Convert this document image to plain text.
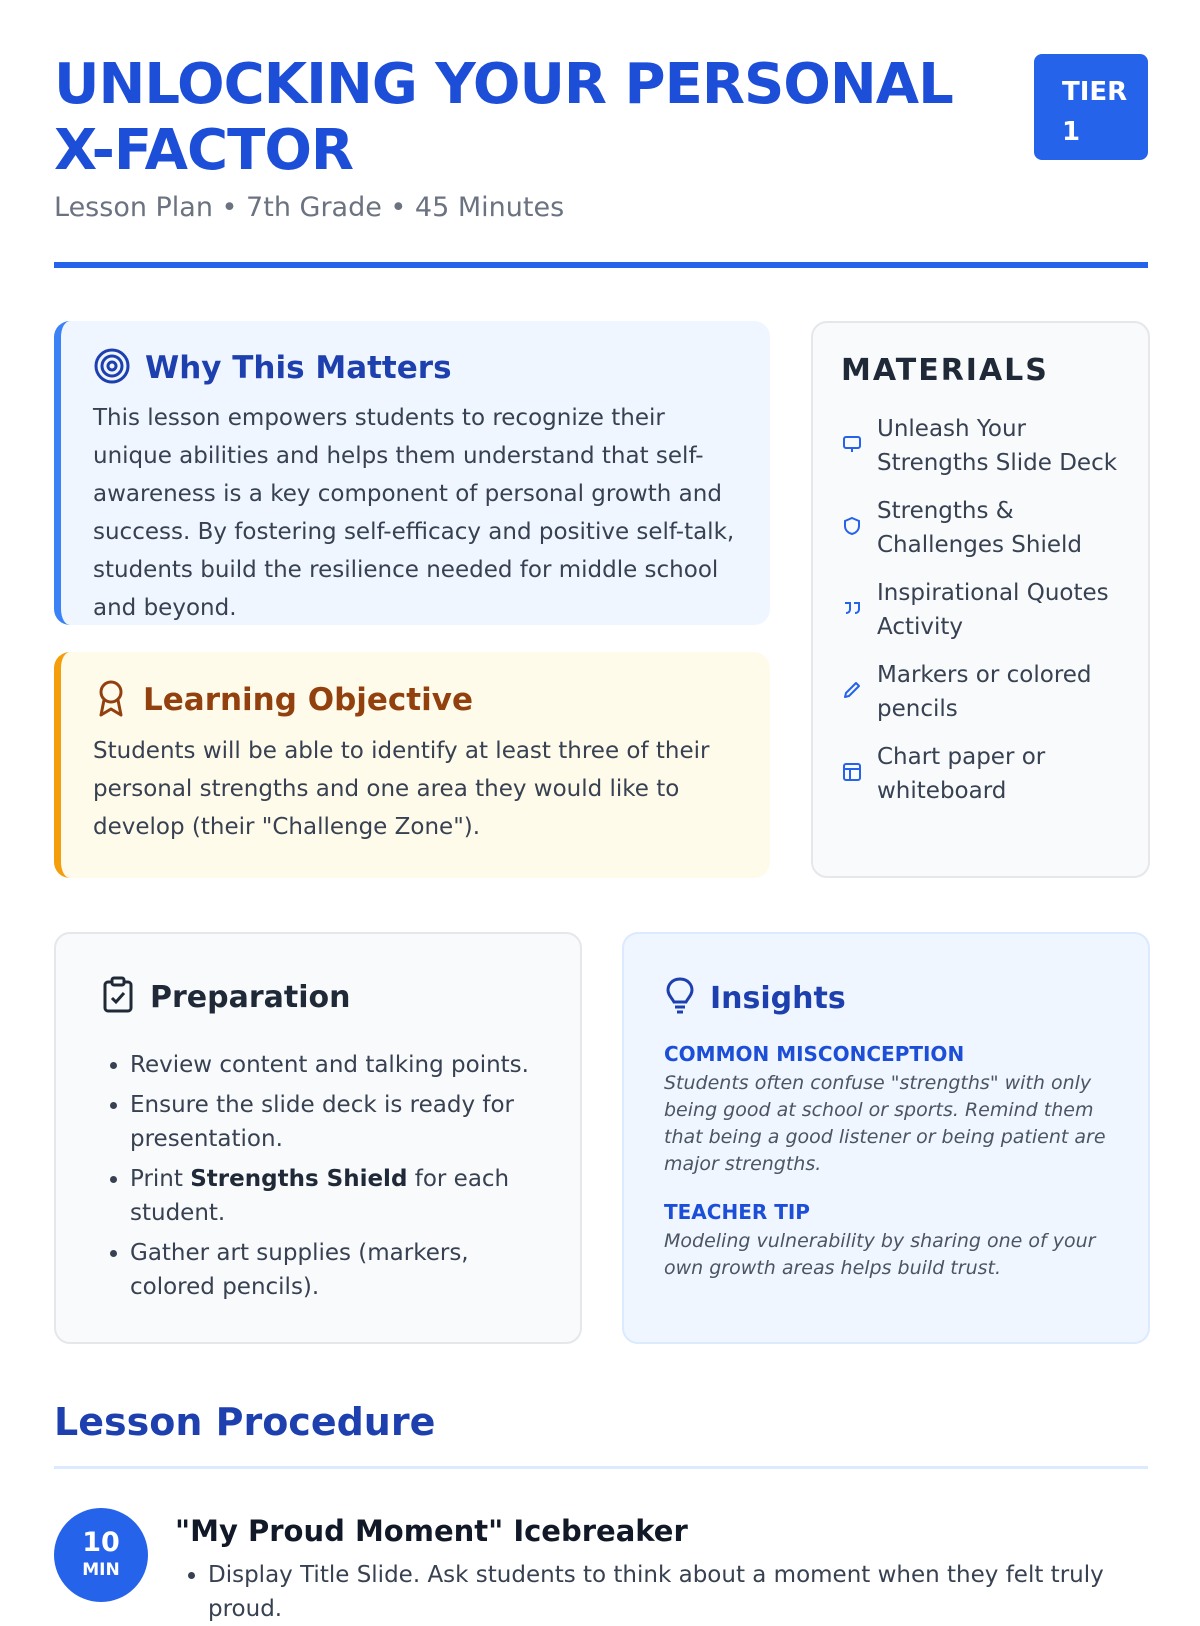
UNLOCKING YOUR PERSONAL X-FACTOR
Lesson Plan • 7th Grade • 45 Minutes
TIER
1
Why This Matters
This lesson empowers students to recognize their unique abilities and helps them understand that self-awareness is a key component of personal growth and success. By fostering self-efficacy and positive self-talk, students build the resilience needed for middle school and beyond.
Learning Objective
Students will be able to identify at least three of their personal strengths and one area they would like to develop (their "Challenge Zone").
MATERIALS
Unleash Your Strengths Slide Deck
Strengths & Challenges Shield
Inspirational Quotes Activity
Markers or colored pencils
Chart paper or whiteboard
Preparation
• Review content and talking points.
• Ensure the slide deck is ready for presentation.
• Print Strengths Shield for each student.
• Gather art supplies (markers, colored pencils).
Insights
COMMON MISCONCEPTION
Students often confuse "strengths" with only being good at school or sports. Remind them that being a good listener or being patient are major strengths.
TEACHER TIP
Modeling vulnerability by sharing one of your own growth areas helps build trust.
Lesson Procedure
10
MIN
"My Proud Moment" Icebreaker
• Display Title Slide. Ask students to think about a moment when they felt truly proud.
